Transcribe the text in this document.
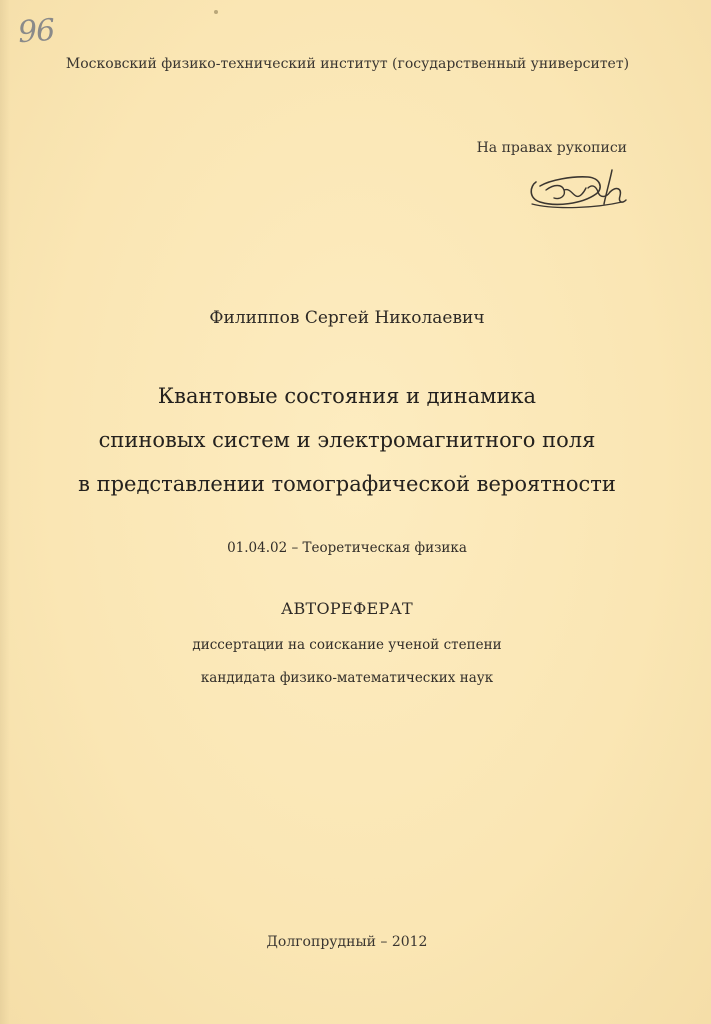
96
Московский физико-технический институт (государственный университет)
На правах рукописи
Филиппов Сергей Николаевич
Квантовые состояния и динамика
спиновых систем и электромагнитного поля
в представлении томографической вероятности
01.04.02 – Теоретическая физика
АВТОРЕФЕРАТ
диссертации на соискание ученой степени
кандидата физико-математических наук
Долгопрудный – 2012
